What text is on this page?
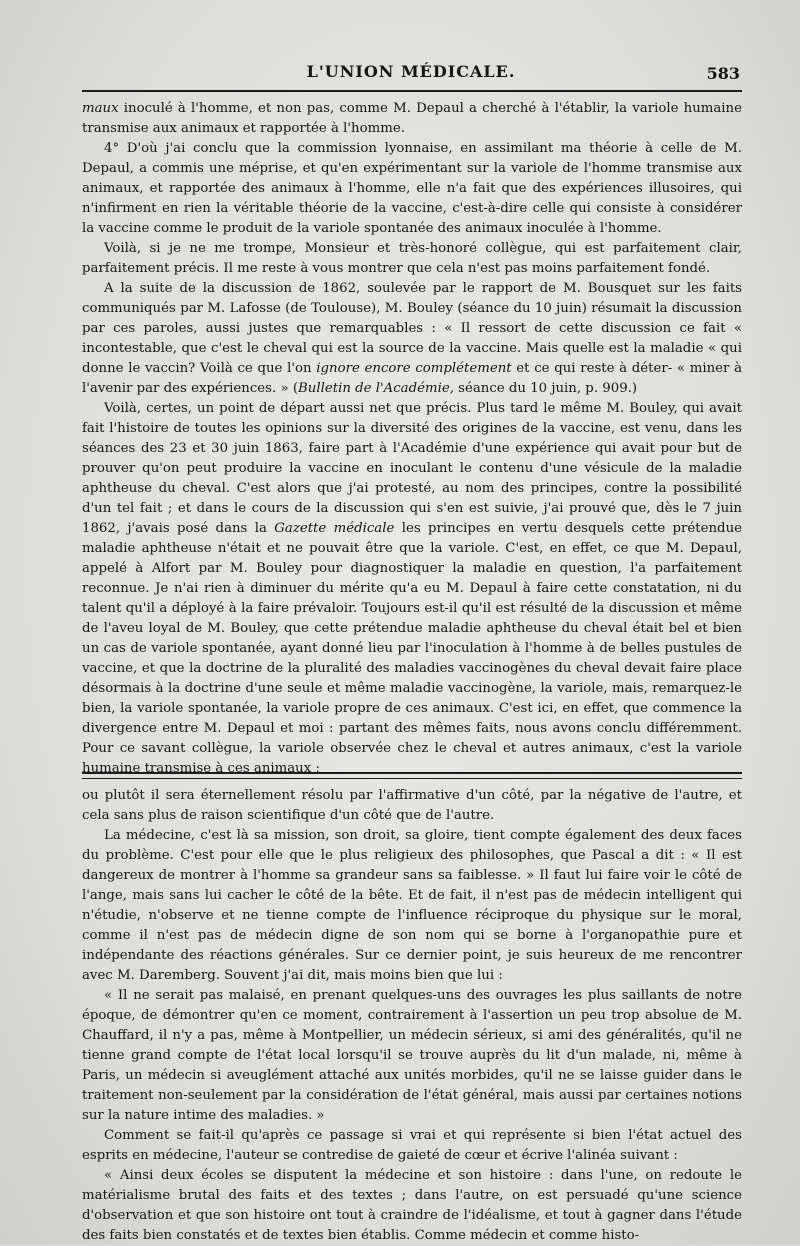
L'UNION MÉDICALE.	583

maux inoculé à l'homme, et non pas, comme M. Depaul a cherché à l'établir, la variole humaine transmise aux animaux et rapportée à l'homme.

4° D'où j'ai conclu que la commission lyonnaise, en assimilant ma théorie à celle de M. Depaul, a commis une méprise, et qu'en expérimentant sur la variole de l'homme transmise aux animaux, et rapportée des animaux à l'homme, elle n'a fait que des expériences illusoires, qui n'infirment en rien la véritable théorie de la vaccine, c'est-à-dire celle qui consiste à considérer la vaccine comme le produit de la variole spontanée des animaux inoculée à l'homme.

Voilà, si je ne me trompe, Monsieur et très-honoré collègue, qui est parfaitement clair, parfaitement précis. Il me reste à vous montrer que cela n'est pas moins parfaitement fondé.

A la suite de la discussion de 1862, soulevée par le rapport de M. Bousquet sur les faits communiqués par M. Lafosse (de Toulouse), M. Bouley (séance du 10 juin) résumait la discussion par ces paroles, aussi justes que remarquables : « Il ressort de cette discussion ce fait « incontestable, que c'est le cheval qui est la source de la vaccine. Mais quelle est la maladie « qui donne le vaccin? Voilà ce que l'on ignore encore complétement et ce qui reste à déter- « miner à l'avenir par des expériences. » (Bulletin de l'Académie, séance du 10 juin, p. 909.)

Voilà, certes, un point de départ aussi net que précis. Plus tard le même M. Bouley, qui avait fait l'histoire de toutes les opinions sur la diversité des origines de la vaccine, est venu, dans les séances des 23 et 30 juin 1863, faire part à l'Académie d'une expérience qui avait pour but de prouver qu'on peut produire la vaccine en inoculant le contenu d'une vésicule de la maladie aphtheuse du cheval. C'est alors que j'ai protesté, au nom des principes, contre la possibilité d'un tel fait ; et dans le cours de la discussion qui s'en est suivie, j'ai prouvé que, dès le 7 juin 1862, j'avais posé dans la Gazette médicale les principes en vertu desquels cette prétendue maladie aphtheuse n'était et ne pouvait être que la variole. C'est, en effet, ce que M. Depaul, appelé à Alfort par M. Bouley pour diagnostiquer la maladie en question, l'a parfaitement reconnue. Je n'ai rien à diminuer du mérite qu'a eu M. Depaul à faire cette constatation, ni du talent qu'il a déployé à la faire prévaloir. Toujours est-il qu'il est résulté de la discussion et même de l'aveu loyal de M. Bouley, que cette prétendue maladie aphtheuse du cheval était bel et bien un cas de variole spontanée, ayant donné lieu par l'inoculation à l'homme à de belles pustules de vaccine, et que la doctrine de la pluralité des maladies vaccinogènes du cheval devait faire place désormais à la doctrine d'une seule et même maladie vaccinogène, la variole, mais, remarquez-le bien, la variole spontanée, la variole propre de ces animaux. C'est ici, en effet, que commence la divergence entre M. Depaul et moi : partant des mêmes faits, nous avons conclu différemment. Pour ce savant collègue, la variole observée chez le cheval et autres animaux, c'est la variole humaine transmise à ces animaux ;

ou plutôt il sera éternellement résolu par l'affirmative d'un côté, par la négative de l'autre, et cela sans plus de raison scientifique d'un côté que de l'autre.

La médecine, c'est là sa mission, son droit, sa gloire, tient compte également des deux faces du problème. C'est pour elle que le plus religieux des philosophes, que Pascal a dit : « Il est dangereux de montrer à l'homme sa grandeur sans sa faiblesse. » Il faut lui faire voir le côté de l'ange, mais sans lui cacher le côté de la bête. Et de fait, il n'est pas de médecin intelligent qui n'étudie, n'observe et ne tienne compte de l'influence réciproque du physique sur le moral, comme il n'est pas de médecin digne de son nom qui se borne à l'organopathie pure et indépendante des réactions générales. Sur ce dernier point, je suis heureux de me rencontrer avec M. Daremberg. Souvent j'ai dit, mais moins bien que lui :

« Il ne serait pas malaisé, en prenant quelques-uns des ouvrages les plus saillants de notre époque, de démontrer qu'en ce moment, contrairement à l'assertion un peu trop absolue de M. Chauffard, il n'y a pas, même à Montpellier, un médecin sérieux, si ami des généralités, qu'il ne tienne grand compte de l'état local lorsqu'il se trouve auprès du lit d'un malade, ni, même à Paris, un médecin si aveuglément attaché aux unités morbides, qu'il ne se laisse guider dans le traitement non-seulement par la considération de l'état général, mais aussi par certaines notions sur la nature intime des maladies. »

Comment se fait-il qu'après ce passage si vrai et qui représente si bien l'état actuel des esprits en médecine, l'auteur se contredise de gaieté de cœur et écrive l'alinéa suivant :

« Ainsi deux écoles se disputent la médecine et son histoire : dans l'une, on redoute le matérialisme brutal des faits et des textes ; dans l'autre, on est persuadé qu'une science d'observation et que son histoire ont tout à craindre de l'idéalisme, et tout à gagner dans l'étude des faits bien constatés et de textes bien établis. Comme médecin et comme histo-
